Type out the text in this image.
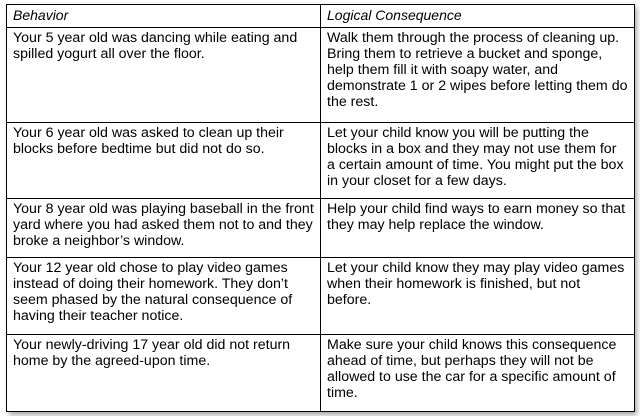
Behavior	Logical Consequence
Your 5 year old was dancing while eating and spilled yogurt all over the floor.	Walk them through the process of cleaning up. Bring them to retrieve a bucket and sponge, help them fill it with soapy water, and demonstrate 1 or 2 wipes before letting them do the rest.
Your 6 year old was asked to clean up their blocks before bedtime but did not do so.	Let your child know you will be putting the blocks in a box and they may not use them for a certain amount of time. You might put the box in your closet for a few days.
Your 8 year old was playing baseball in the front yard where you had asked them not to and they broke a neighbor’s window.	Help your child find ways to earn money so that they may help replace the window.
Your 12 year old chose to play video games instead of doing their homework. They don’t seem phased by the natural consequence of having their teacher notice.	Let your child know they may play video games when their homework is finished, but not before.
Your newly-driving 17 year old did not return home by the agreed-upon time.	Make sure your child knows this consequence ahead of time, but perhaps they will not be allowed to use the car for a specific amount of time.
